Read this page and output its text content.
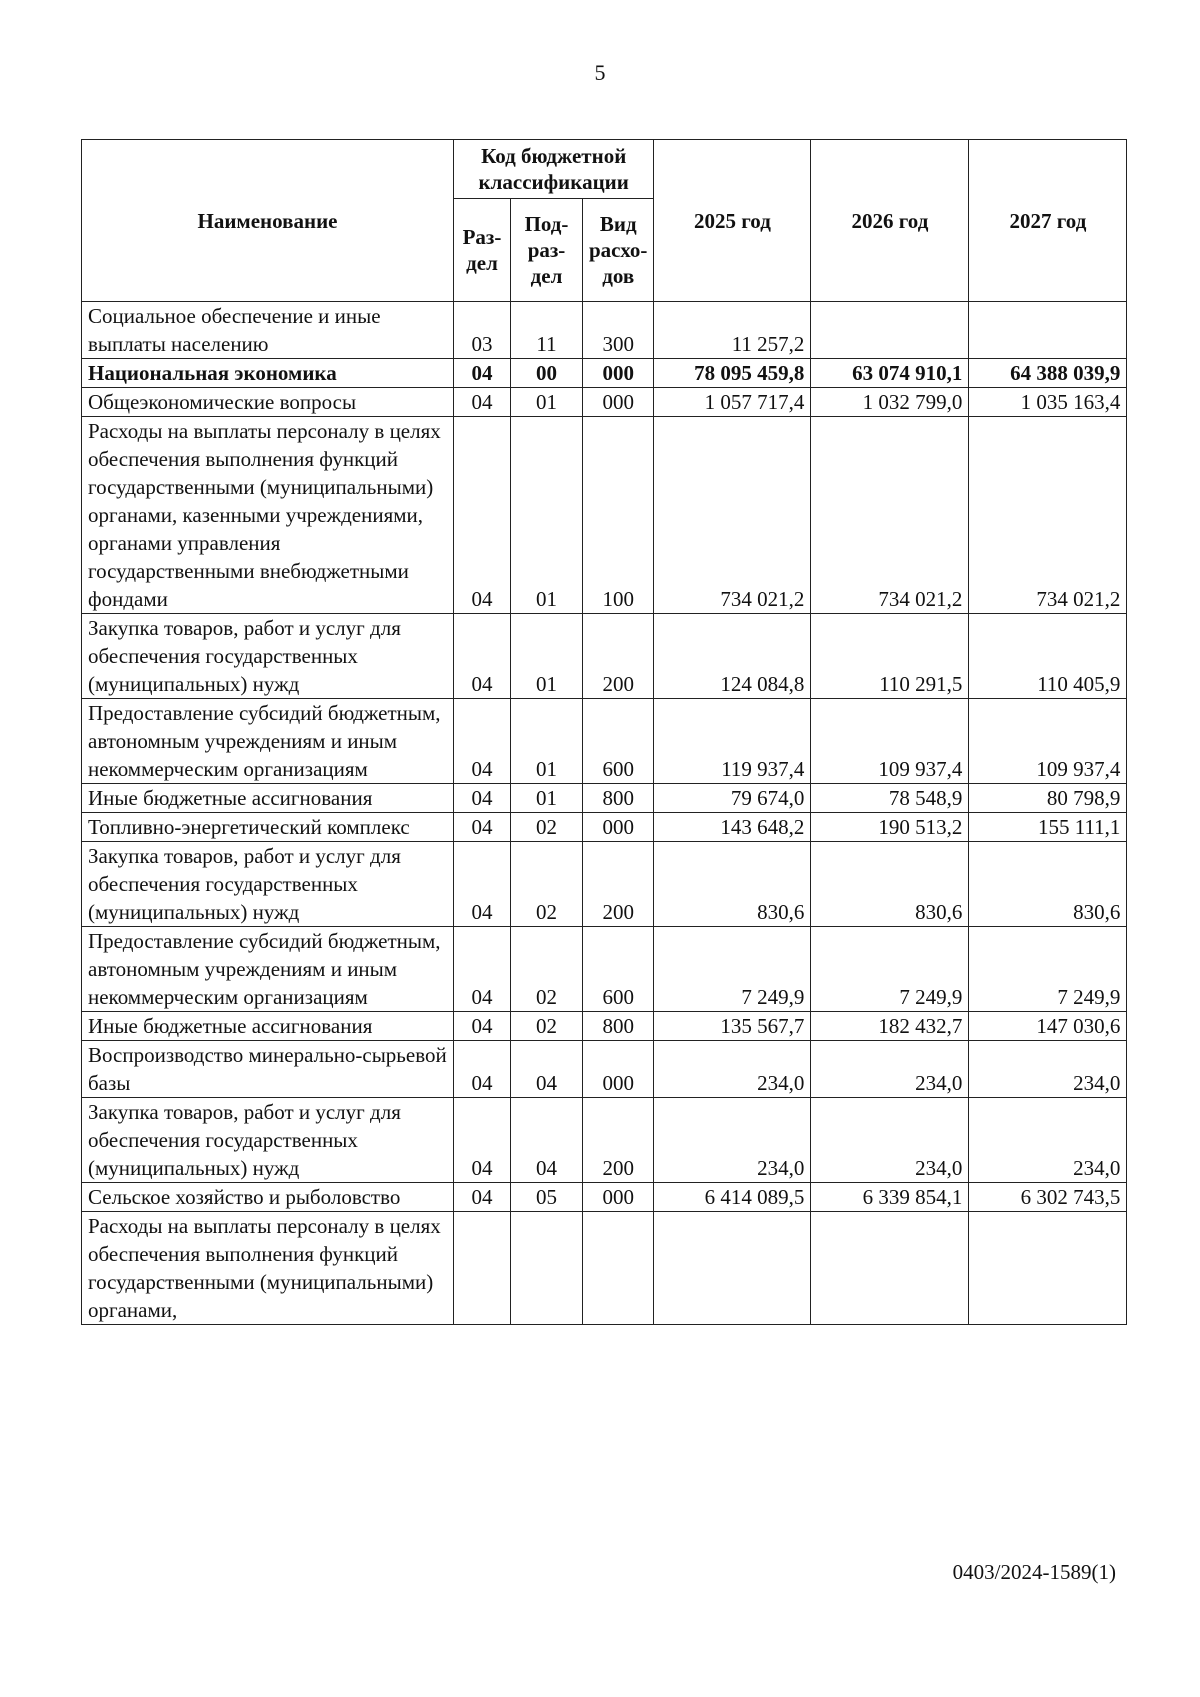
5
Наименование	Код бюджетной классификации			2025 год	2026 год	2027 год
	Раз-дел	Под-раз-дел	Вид расхо-дов			
Социальное обеспечение и иные выплаты населению	03	11	300	11 257,2		
Национальная экономика	04	00	000	78 095 459,8	63 074 910,1	64 388 039,9
Общеэкономические вопросы	04	01	000	1 057 717,4	1 032 799,0	1 035 163,4
Расходы на выплаты персоналу в целях обеспечения выполнения функций государственными (муниципальными) органами, казенными учреждениями, органами управления государственными внебюджетными фондами	04	01	100	734 021,2	734 021,2	734 021,2
Закупка товаров, работ и услуг для обеспечения государственных (муниципальных) нужд	04	01	200	124 084,8	110 291,5	110 405,9
Предоставление субсидий бюджетным, автономным учреждениям и иным некоммерческим организациям	04	01	600	119 937,4	109 937,4	109 937,4
Иные бюджетные ассигнования	04	01	800	79 674,0	78 548,9	80 798,9
Топливно-энергетический комплекс	04	02	000	143 648,2	190 513,2	155 111,1
Закупка товаров, работ и услуг для обеспечения государственных (муниципальных) нужд	04	02	200	830,6	830,6	830,6
Предоставление субсидий бюджетным, автономным учреждениям и иным некоммерческим организациям	04	02	600	7 249,9	7 249,9	7 249,9
Иные бюджетные ассигнования	04	02	800	135 567,7	182 432,7	147 030,6
Воспроизводство минерально-сырьевой базы	04	04	000	234,0	234,0	234,0
Закупка товаров, работ и услуг для обеспечения государственных (муниципальных) нужд	04	04	200	234,0	234,0	234,0
Сельское хозяйство и рыболовство	04	05	000	6 414 089,5	6 339 854,1	6 302 743,5
Расходы на выплаты персоналу в целях обеспечения выполнения функций государственными (муниципальными) органами,						
0403/2024-1589(1)
